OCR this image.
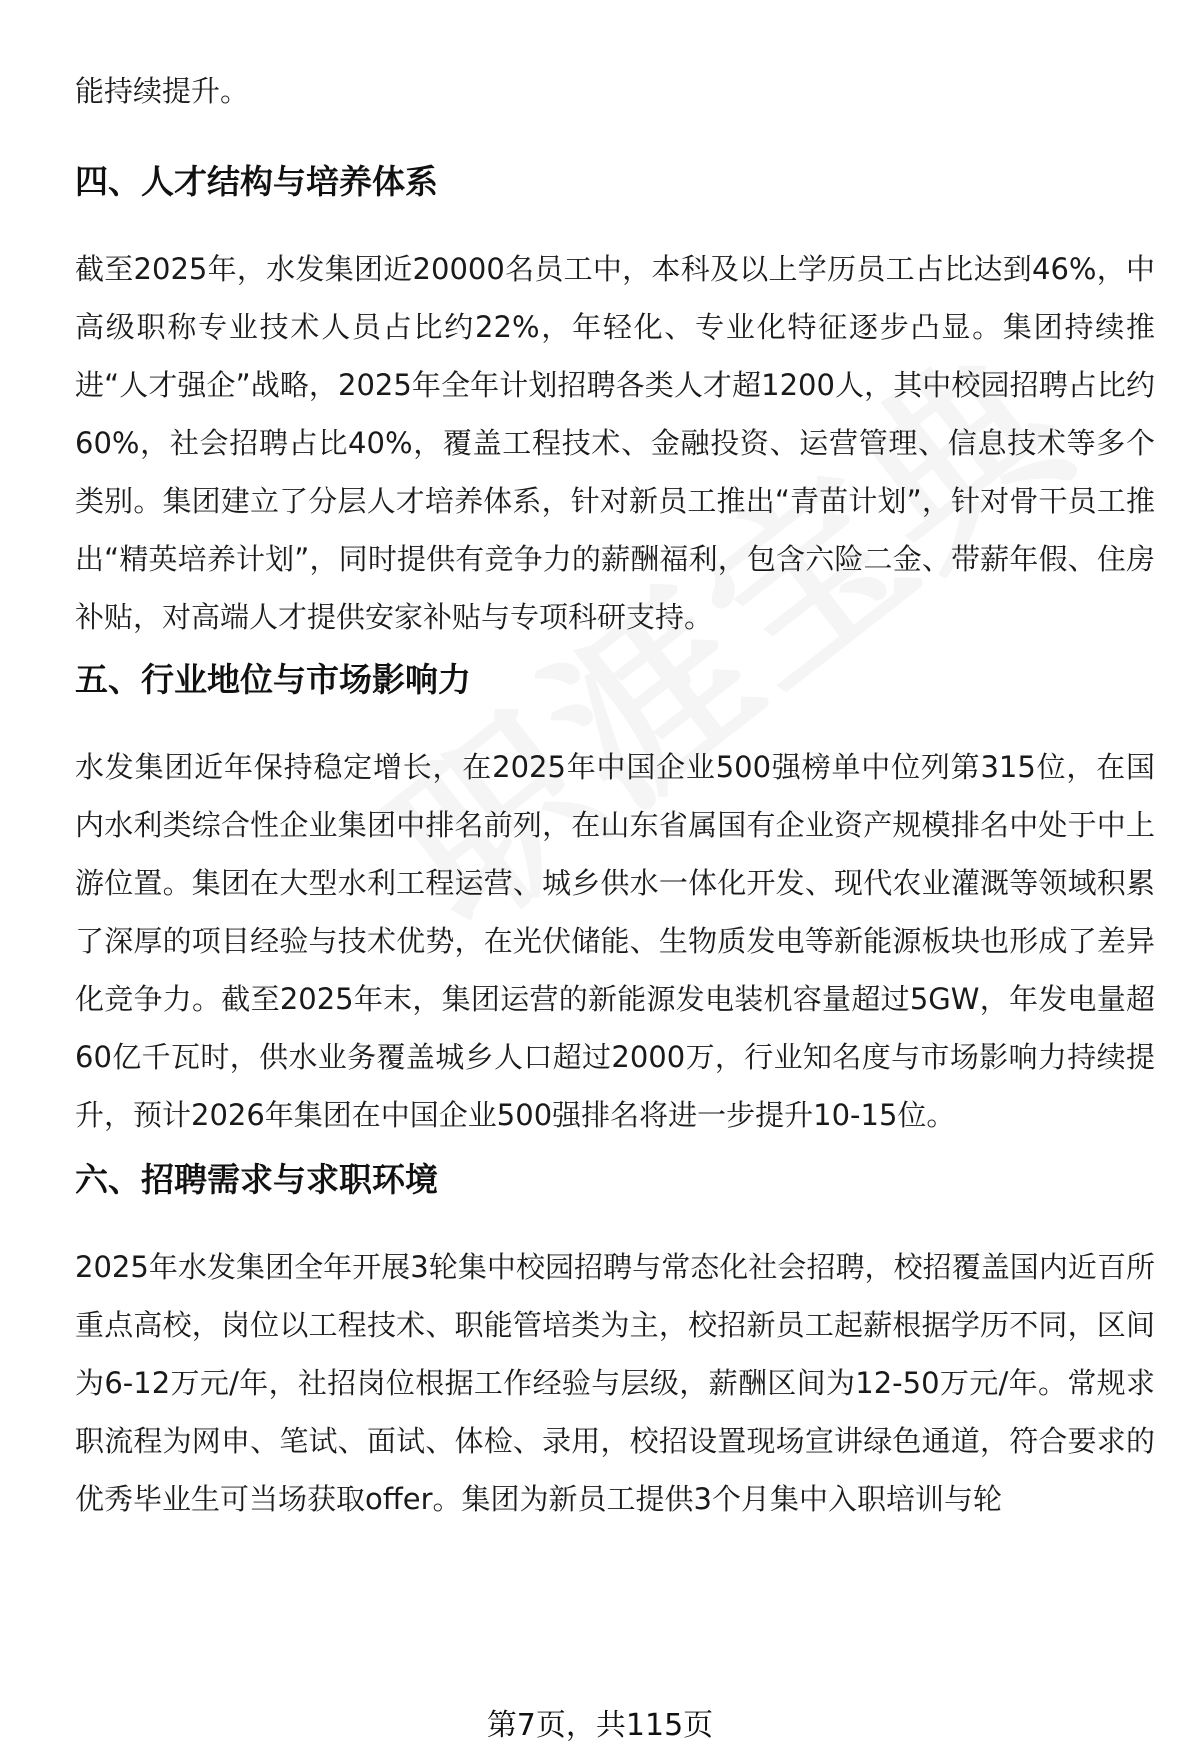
能持续提升。

四、人才结构与培养体系

截至2025年，水发集团近20000名员工中，本科及以上学历员工占比达到46%，中高级职称专业技术人员占比约22%，年轻化、专业化特征逐步凸显。集团持续推进“人才强企”战略，2025年全年计划招聘各类人才超1200人，其中校园招聘占比约60%，社会招聘占比40%，覆盖工程技术、金融投资、运营管理、信息技术等多个类别。集团建立了分层人才培养体系，针对新员工推出“青苗计划”，针对骨干员工推出“精英培养计划”，同时提供有竞争力的薪酬福利，包含六险二金、带薪年假、住房补贴，对高端人才提供安家补贴与专项科研支持。

五、行业地位与市场影响力

水发集团近年保持稳定增长，在2025年中国企业500强榜单中位列第315位，在国内水利类综合性企业集团中排名前列，在山东省属国有企业资产规模排名中处于中上游位置。集团在大型水利工程运营、城乡供水一体化开发、现代农业灌溉等领域积累了深厚的项目经验与技术优势，在光伏储能、生物质发电等新能源板块也形成了差异化竞争力。截至2025年末，集团运营的新能源发电装机容量超过5GW，年发电量超60亿千瓦时，供水业务覆盖城乡人口超过2000万，行业知名度与市场影响力持续提升，预计2026年集团在中国企业500强排名将进一步提升10-15位。

六、招聘需求与求职环境

2025年水发集团全年开展3轮集中校园招聘与常态化社会招聘，校招覆盖国内近百所重点高校，岗位以工程技术、职能管培类为主，校招新员工起薪根据学历不同，区间为6-12万元/年，社招岗位根据工作经验与层级，薪酬区间为12-50万元/年。常规求职流程为网申、笔试、面试、体检、录用，校招设置现场宣讲绿色通道，符合要求的优秀毕业生可当场获取offer。集团为新员工提供3个月集中入职培训与轮

第7页，共115页
